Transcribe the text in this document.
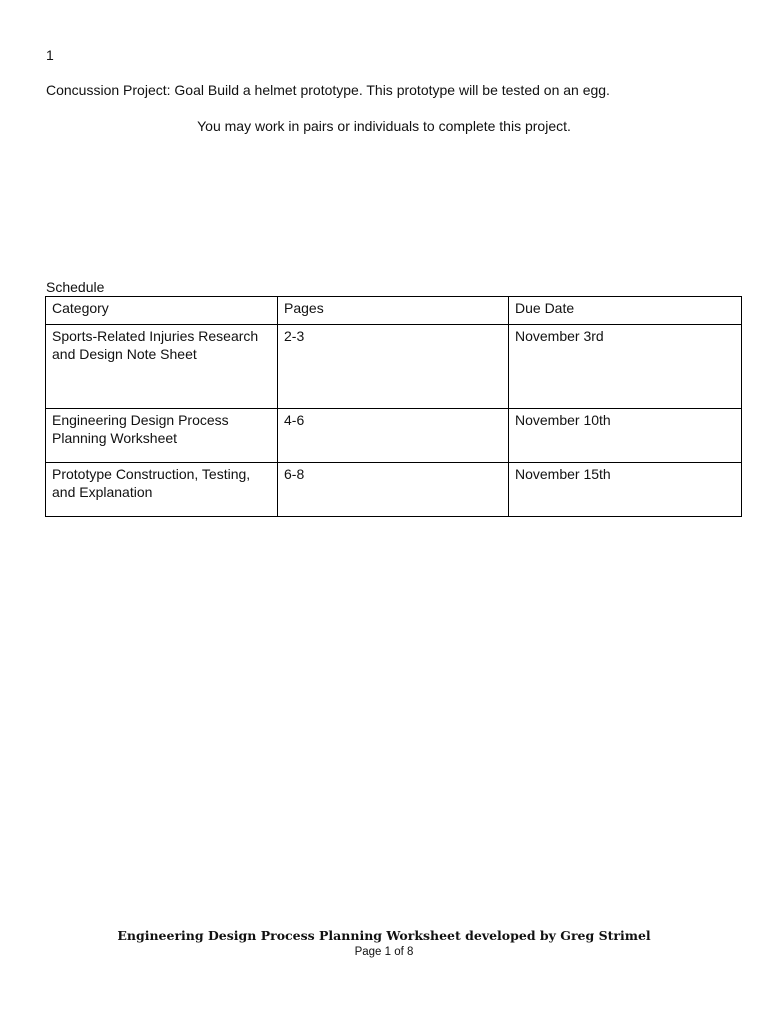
1
Concussion Project: Goal Build a helmet prototype. This prototype will be tested on an egg.
You may work in pairs or individuals to complete this project.
Schedule
Category	Pages	Due Date
Sports-Related Injuries Research and Design Note Sheet	2-3	November 3rd
Engineering Design Process Planning Worksheet	4-6	November 10th
Prototype Construction, Testing, and Explanation	6-8	November 15th
Engineering Design Process Planning Worksheet developed by Greg Strimel
Page 1 of 8
